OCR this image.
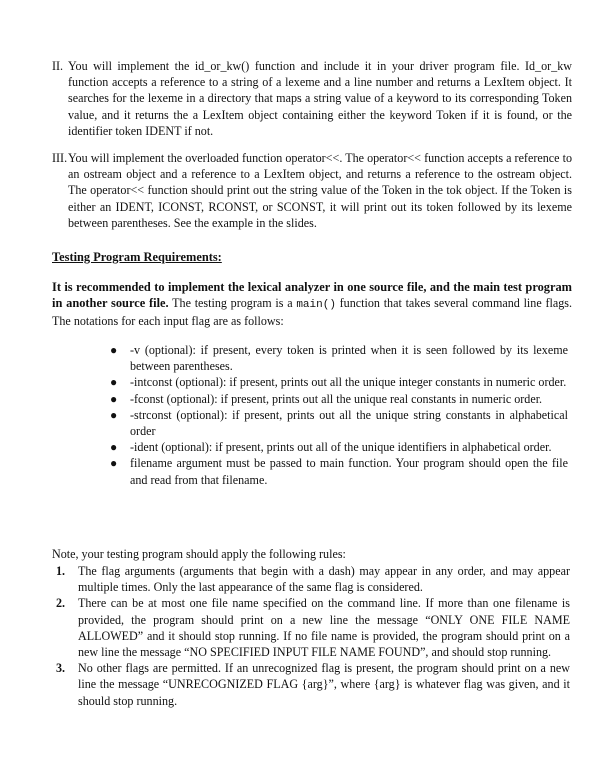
II. You will implement the id_or_kw() function and include it in your driver program file. Id_or_kw function accepts a reference to a string of a lexeme and a line number and returns a LexItem object. It searches for the lexeme in a directory that maps a string value of a keyword to its corresponding Token value, and it returns the a LexItem object containing either the keyword Token if it is found, or the identifier token IDENT if not.
III. You will implement the overloaded function operator<<. The operator<< function accepts a reference to an ostream object and a reference to a LexItem object, and returns a reference to the ostream object. The operator<< function should print out the string value of the Token in the tok object. If the Token is either an IDENT, ICONST, RCONST, or SCONST, it will print out its token followed by its lexeme between parentheses. See the example in the slides.
Testing Program Requirements:
It is recommended to implement the lexical analyzer in one source file, and the main test program in another source file. The testing program is a main() function that takes several command line flags. The notations for each input flag are as follows:
● -v (optional): if present, every token is printed when it is seen followed by its lexeme between parentheses.
● -intconst (optional): if present, prints out all the unique integer constants in numeric order.
● -fconst (optional): if present, prints out all the unique real constants in numeric order.
● -strconst (optional): if present, prints out all the unique string constants in alphabetical order
● -ident (optional): if present, prints out all of the unique identifiers in alphabetical order.
● filename argument must be passed to main function. Your program should open the file and read from that filename.
Note, your testing program should apply the following rules:
1. The flag arguments (arguments that begin with a dash) may appear in any order, and may appear multiple times. Only the last appearance of the same flag is considered.
2. There can be at most one file name specified on the command line. If more than one filename is provided, the program should print on a new line the message “ONLY ONE FILE NAME ALLOWED” and it should stop running. If no file name is provided, the program should print on a new line the message “NO SPECIFIED INPUT FILE NAME FOUND”, and should stop running.
3. No other flags are permitted. If an unrecognized flag is present, the program should print on a new line the message “UNRECOGNIZED FLAG {arg}”, where {arg} is whatever flag was given, and it should stop running.
